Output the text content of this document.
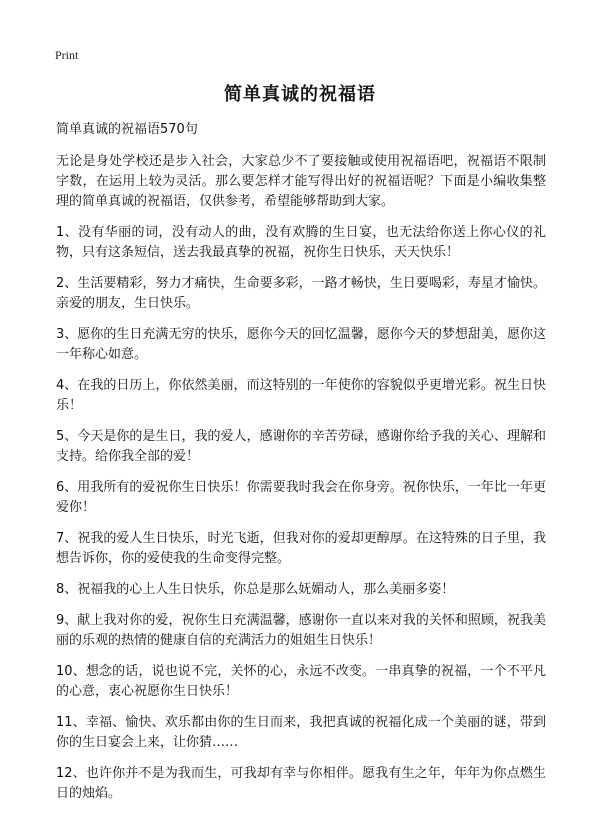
Print
简单真诚的祝福语

简单真诚的祝福语570句

无论是身处学校还是步入社会，大家总少不了要接触或使用祝福语吧，祝福语不限制字数，在运用上较为灵活。那么要怎样才能写得出好的祝福语呢？下面是小编收集整理的简单真诚的祝福语，仅供参考，希望能够帮助到大家。

1、没有华丽的词，没有动人的曲，没有欢腾的生日宴，也无法给你送上你心仪的礼物，只有这条短信，送去我最真挚的祝福，祝你生日快乐，天天快乐！

2、生活要精彩，努力才痛快，生命要多彩，一路才畅快，生日要喝彩，寿星才愉快。亲爱的朋友，生日快乐。

3、愿你的生日充满无穷的快乐，愿你今天的回忆温馨，愿你今天的梦想甜美，愿你这一年称心如意。

4、在我的日历上，你依然美丽，而这特别的一年使你的容貌似乎更增光彩。祝生日快乐！

5、今天是你的是生日，我的爱人，感谢你的辛苦劳碌，感谢你给予我的关心、理解和支持。给你我全部的爱！

6、用我所有的爱祝你生日快乐！你需要我时我会在你身旁。祝你快乐，一年比一年更爱你！

7、祝我的爱人生日快乐，时光飞逝，但我对你的爱却更醇厚。在这特殊的日子里，我想告诉你，你的爱使我的生命变得完整。

8、祝福我的心上人生日快乐，你总是那么妩媚动人，那么美丽多姿！

9、献上我对你的爱，祝你生日充满温馨，感谢你一直以来对我的关怀和照顾，祝我美丽的乐观的热情的健康自信的充满活力的姐姐生日快乐！

10、想念的话，说也说不完，关怀的心，永远不改变。一串真挚的祝福，一个不平凡的心意，衷心祝愿你生日快乐！

11、幸福、愉快、欢乐都由你的生日而来，我把真诚的祝福化成一个美丽的谜，带到你的生日宴会上来，让你猜……

12、也许你并不是为我而生，可我却有幸与你相伴。愿我有生之年，年年为你点燃生日的烛焰。
